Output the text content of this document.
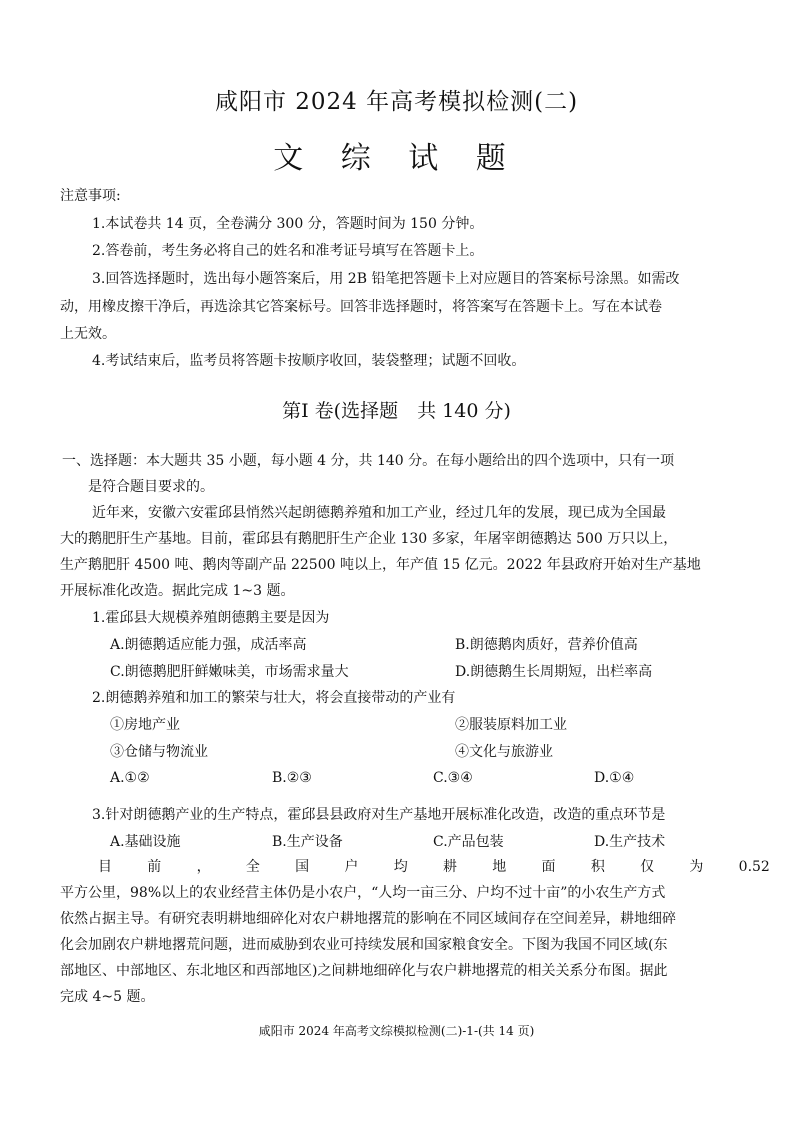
咸阳市 2024 年高考模拟检测(二)
文 综 试 题
注意事项:
1.本试卷共 14 页，全卷满分 300 分，答题时间为 150 分钟。
2.答卷前，考生务必将自己的姓名和准考证号填写在答题卡上。
3.回答选择题时，选出每小题答案后，用 2B 铅笔把答题卡上对应题目的答案标号涂黑。如需改
动，用橡皮擦干净后，再选涂其它答案标号。回答非选择题时，将答案写在答题卡上。写在本试卷
上无效。
4.考试结束后，监考员将答题卡按顺序收回，装袋整理；试题不回收。
第Ⅰ 卷(选择题　共 140 分)
一、选择题：本大题共 35 小题，每小题 4 分，共 140 分。在每小题给出的四个选项中，只有一项
是符合题目要求的。
近年来，安徽六安霍邱县悄然兴起朗德鹅养殖和加工产业，经过几年的发展，现已成为全国最
大的鹅肥肝生产基地。目前，霍邱县有鹅肥肝生产企业 130 多家，年屠宰朗德鹅达 500 万只以上，
生产鹅肥肝 4500 吨、鹅肉等副产品 22500 吨以上，年产值 15 亿元。2022 年县政府开始对生产基地
开展标准化改造。据此完成 1~3 题。
1.霍邱县大规模养殖朗德鹅主要是因为
A.朗德鹅适应能力强，成活率高	B.朗德鹅肉质好，营养价值高
C.朗德鹅肥肝鲜嫩味美，市场需求量大	D.朗德鹅生长周期短，出栏率高
2.朗德鹅养殖和加工的繁荣与壮大，将会直接带动的产业有
①房地产业	②服装原料加工业
③仓储与物流业	④文化与旅游业
A.①②	B.②③	C.③④	D.①④
3.针对朗德鹅产业的生产特点，霍邱县县政府对生产基地开展标准化改造，改造的重点环节是
A.基础设施	B.生产设备	C.产品包装	D.生产技术
目	前	，	全	国	户	均	耕	地	面	积	仅	为	0.52
平方公里，98%以上的农业经营主体仍是小农户，“人均一亩三分、户均不过十亩”的小农生产方式
依然占据主导。有研究表明耕地细碎化对农户耕地撂荒的影响在不同区域间存在空间差异，耕地细碎
化会加剧农户耕地撂荒问题，进而威胁到农业可持续发展和国家粮食安全。下图为我国不同区域(东
部地区、中部地区、东北地区和西部地区)之间耕地细碎化与农户耕地撂荒的相关关系分布图。据此
完成 4~5 题。
咸阳市 2024 年高考文综模拟检测(二)-1-(共 14 页)
